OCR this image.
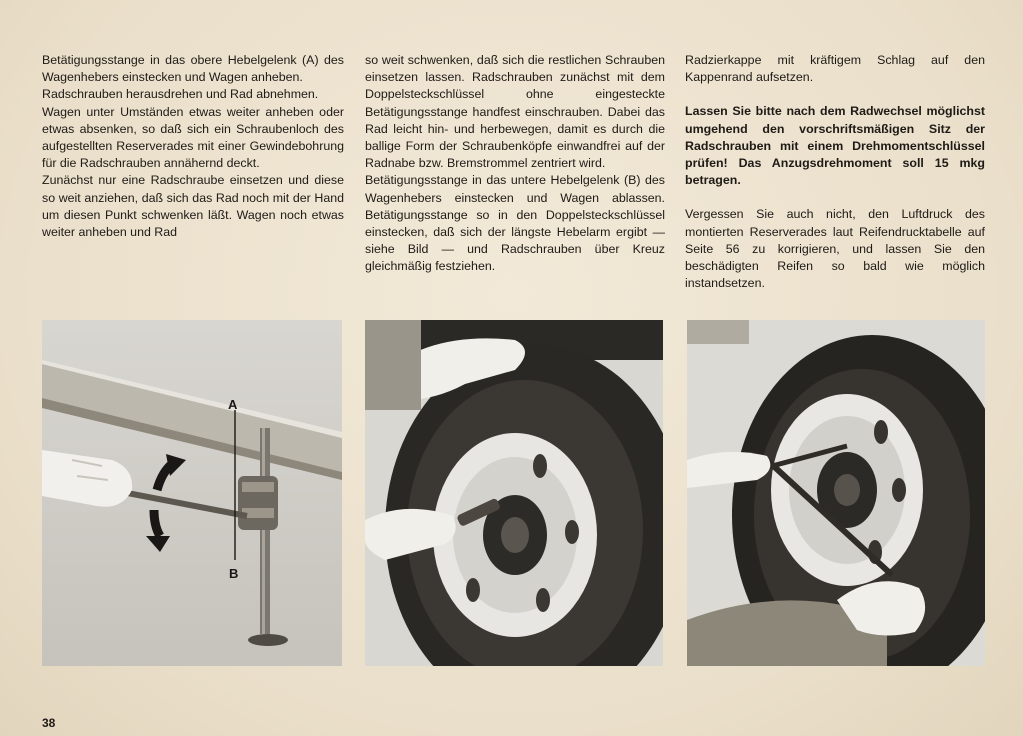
Betätigungsstange in das obere Hebelgelenk (A) des Wagenhebers einstecken und Wagen anheben.

Radschrauben herausdrehen und Rad abnehmen.

Wagen unter Umständen etwas weiter anheben oder etwas absenken, so daß sich ein Schraubenloch des aufgestellten Reserverades mit einer Gewindebohrung für die Radschrauben annähernd deckt.

Zunächst nur eine Radschraube einsetzen und diese so weit anziehen, daß sich das Rad noch mit der Hand um diesen Punkt schwenken läßt. Wagen noch etwas weiter anheben und Rad

so weit schwenken, daß sich die restlichen Schrauben einsetzen lassen. Radschrauben zunächst mit dem Doppelsteckschlüssel ohne eingesteckte Betätigungsstange handfest einschrauben. Dabei das Rad leicht hin- und herbewegen, damit es durch die ballige Form der Schraubenköpfe einwandfrei auf der Radnabe bzw. Bremstrommel zentriert wird.

Betätigungsstange in das untere Hebelgelenk (B) des Wagenhebers einstecken und Wagen ablassen. Betätigungsstange so in den Doppelsteckschlüssel einstecken, daß sich der längste Hebelarm ergibt — siehe Bild — und Radschrauben über Kreuz gleichmäßig festziehen.

Radzierkappe mit kräftigem Schlag auf den Kappenrand aufsetzen.

Lassen Sie bitte nach dem Radwechsel möglichst umgehend den vorschriftsmäßigen Sitz der Radschrauben mit einem Drehmomentschlüssel prüfen! Das Anzugsdrehmoment soll 15 mkg betragen.

Vergessen Sie auch nicht, den Luftdruck des montierten Reserverades laut Reifendrucktabelle auf Seite 56 zu korrigieren, und lassen Sie den beschädigten Reifen so bald wie möglich instandsetzen.

A
B
38
